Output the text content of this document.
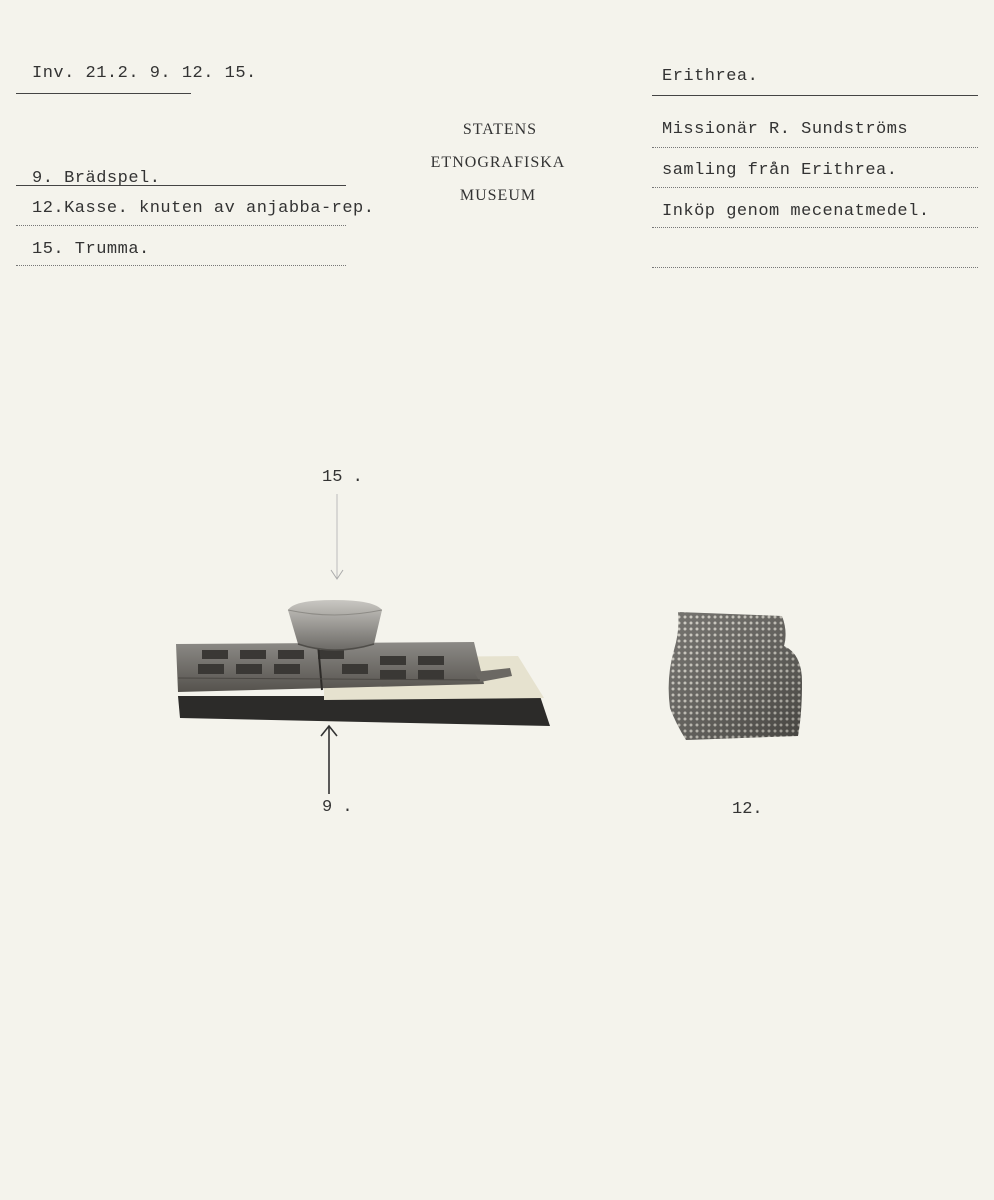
Inv. 21.2. 9. 12. 15.	Erithrea.
STATENS
ETNOGRAFISKA
MUSEUM
9. Brädspel.
12.Kasse. knuten av anjabba-rep.
15. Trumma.
Missionär R. Sundströms
samling från Erithrea.
Inköp genom mecenatmedel.
15 .
9 .	12.
